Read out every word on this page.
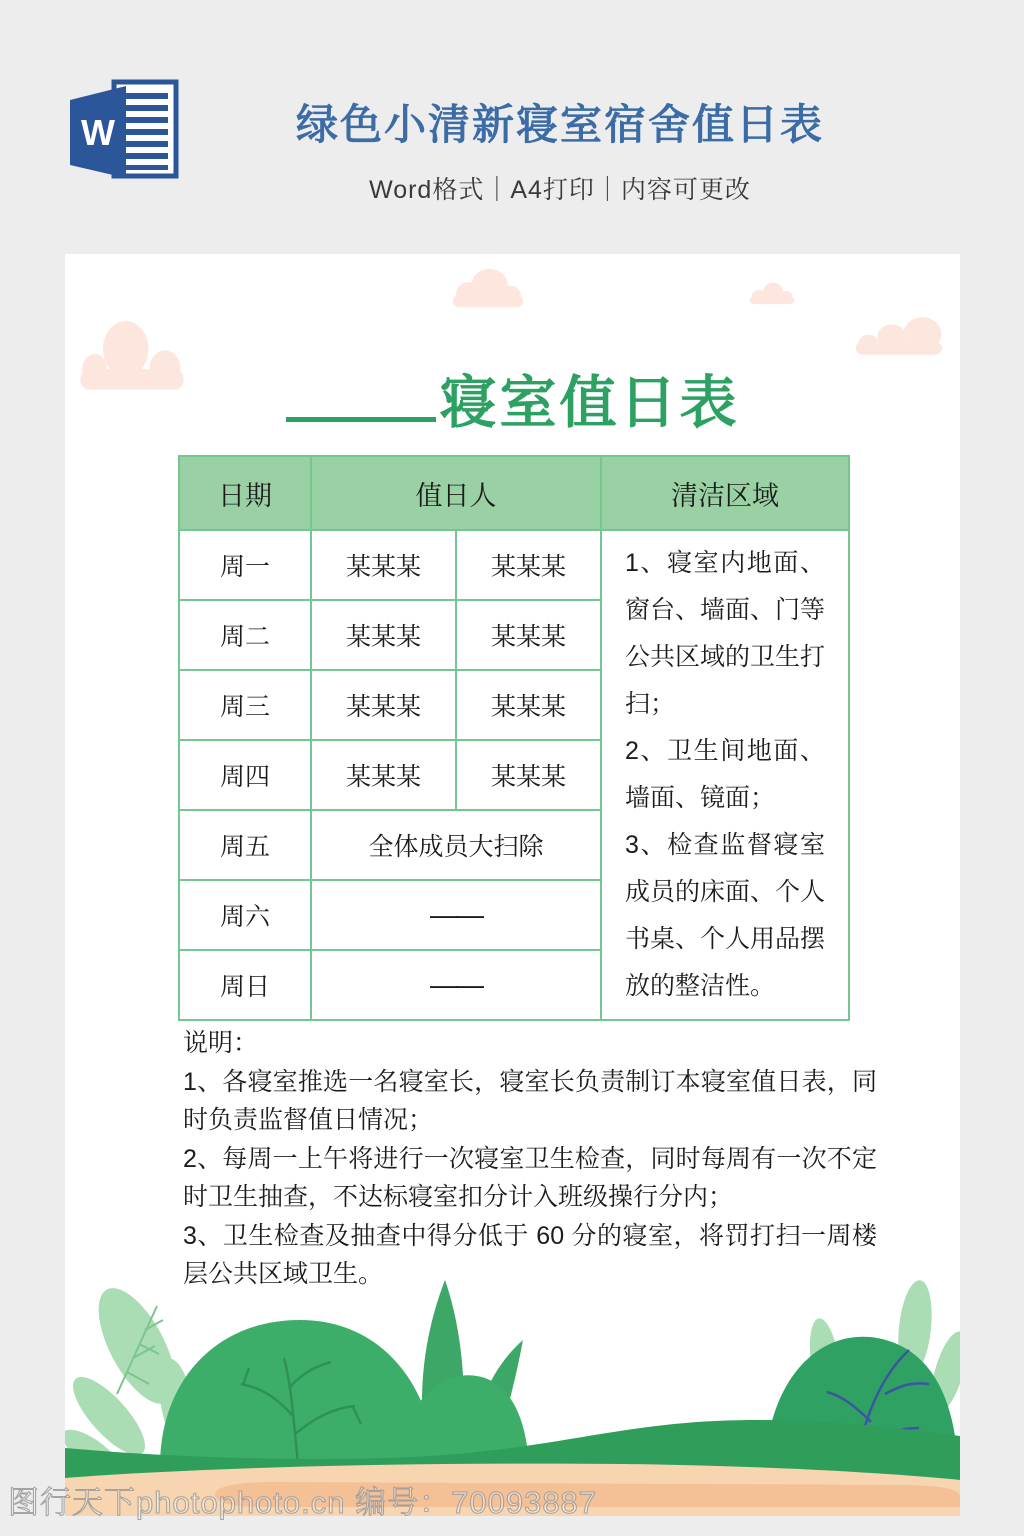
W	绿色小清新寝室宿舍值日表
Word格式｜A4打印｜内容可更改
寝室值日表
日期	值日人	清洁区域

1、寝室内地面、窗台、墙面、门等公共区域的卫生打扫；

2、卫生间地面、墙面、镜面；

3、检查监督寝室成员的床面、个人书桌、个人用品摆放的整洁性。

周一	某某某	某某某
周二	某某某	某某某
周三	某某某	某某某
周四	某某某	某某某
周五	全体成员大扫除
周六	——
周日	——
说明：
1、各寝室推选一名寝室长，寝室长负责制订本寝室值日表，同时负责监督值日情况；
2、每周一上午将进行一次寝室卫生检查，同时每周有一次不定时卫生抽查，不达标寝室扣分计入班级操行分内；
3、卫生检查及抽查中得分低于 60 分的寝室，将罚打扫一周楼层公共区域卫生。
图行天下photophoto.cn 编号：70093887
